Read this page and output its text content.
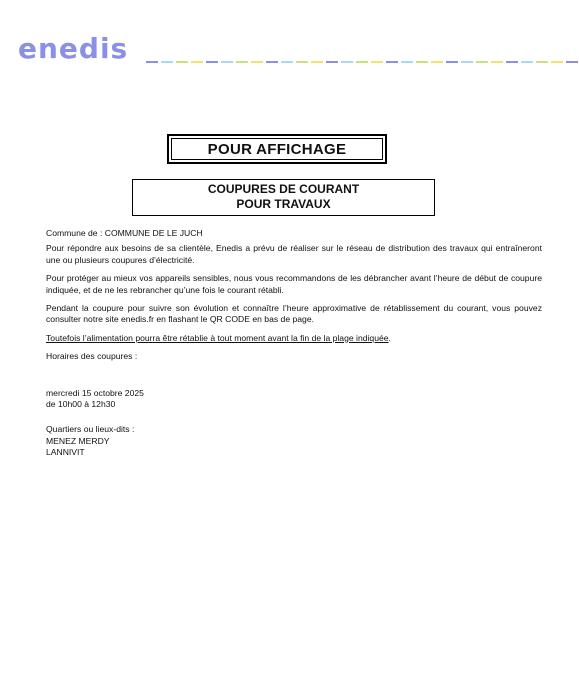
enedis
POUR AFFICHAGE
COUPURES DE COURANT
POUR TRAVAUX

Commune de : COMMUNE DE LE JUCH

Pour répondre aux besoins de sa clientèle, Enedis a prévu de réaliser sur le réseau de distribution des travaux qui entraîneront une ou plusieurs coupures d’électricité.

Pour protéger au mieux vos appareils sensibles, nous vous recommandons de les débrancher avant l’heure de début de coupure indiquée, et de ne les rebrancher qu’une fois le courant rétabli.

Pendant la coupure pour suivre son évolution et connaître l’heure approximative de rétablissement du courant, vous pouvez consulter notre site enedis.fr en flashant le QR CODE en bas de page.

Toutefois l’alimentation pourra être rétablie à tout moment avant la fin de la plage indiquée.

Horaires des coupures :

mercredi 15 octobre 2025

de 10h00 à 12h30

Quartiers ou lieux-dits :

MENEZ MERDY

LANNIVIT
